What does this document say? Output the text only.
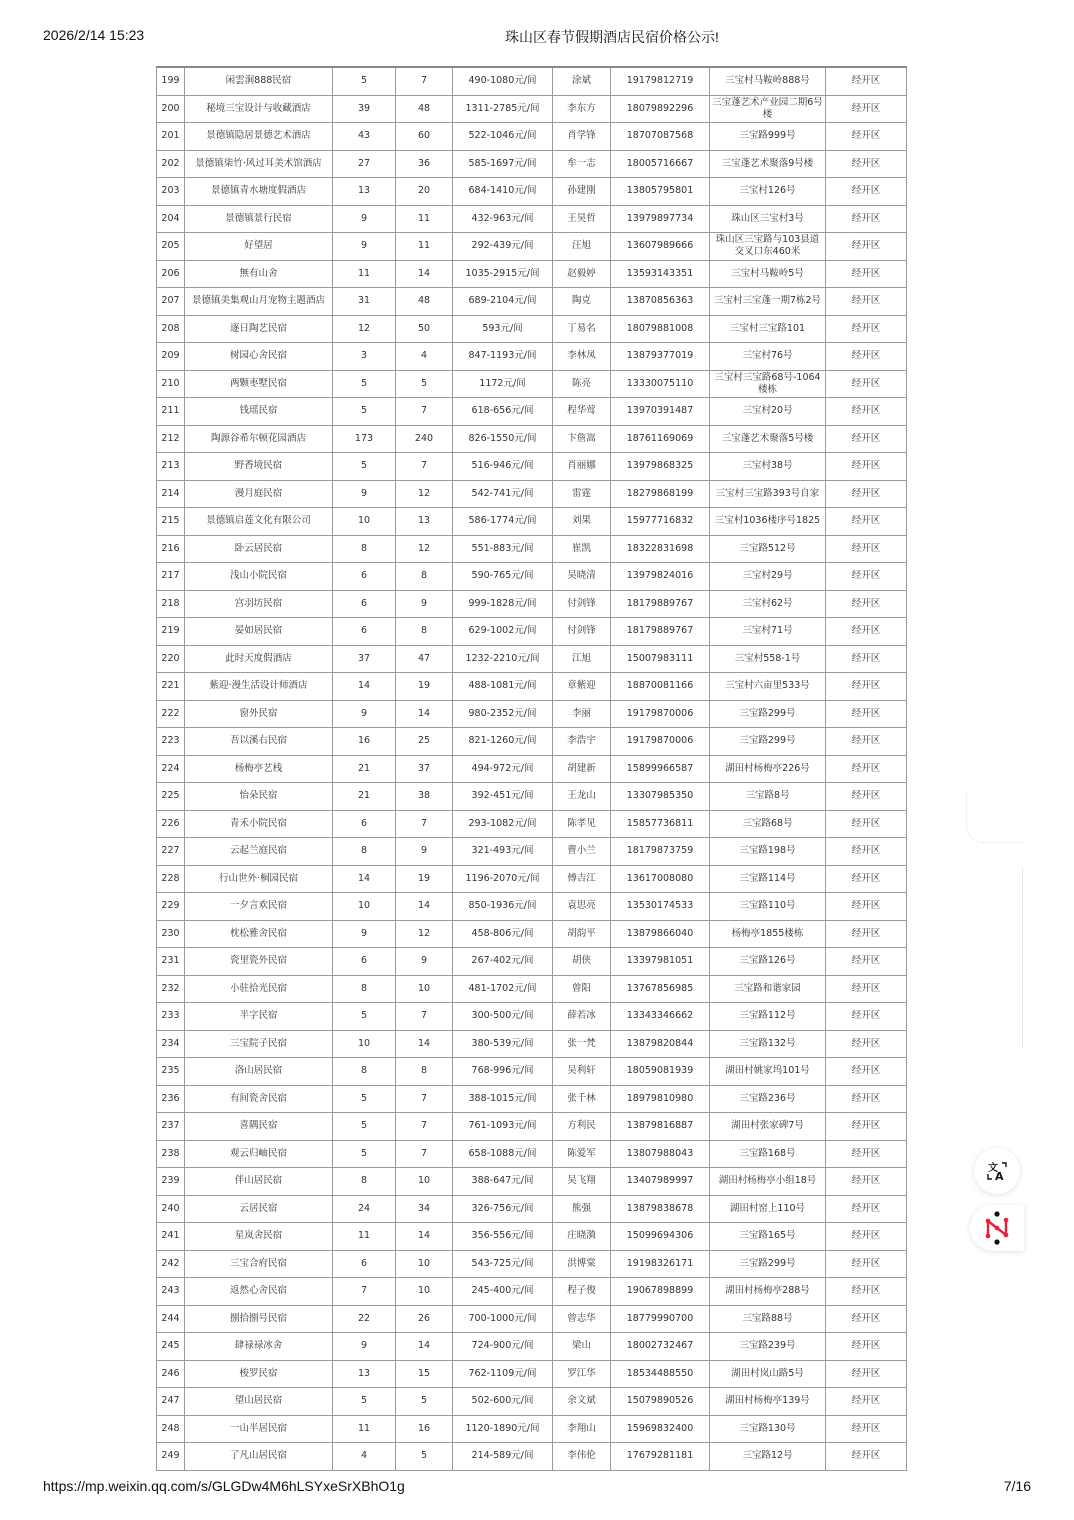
2026/2/14 15:23	珠山区春节假期酒店民宿价格公示!
199	闲雲涧888民宿	5	7	490-1080元/间	涂斌	19179812719	三宝村马鞍岭888号	经开区
200	秘境三宝设计与收藏酒店	39	48	1311-2785元/间	李东方	18079892296	三宝蓬艺术产业园二期6号楼	经开区
201	景德镇隐居景德艺术酒店	43	60	522-1046元/间	肖学锋	18707087568	三宝路999号	经开区
202	景德镇柒竹·风过耳美术馆酒店	27	36	585-1697元/间	牟一志	18005716667	三宝蓬艺术聚落9号楼	经开区
203	景德镇青水塘度假酒店	13	20	684-1410元/间	孙建刚	13805795801	三宝村126号	经开区
204	景德镇景行民宿	9	11	432-963元/间	王昊哲	13979897734	珠山区三宝村3号	经开区
205	好望居	9	11	292-439元/间	汪旭	13607989666	珠山区三宝路与103县道交叉口东460米	经开区
206	無有山舍	11	14	1035-2915元/间	赵毅婷	13593143351	三宝村马鞍岭5号	经开区
207	景德镇美集观山月宠物主题酒店	31	48	689-2104元/间	陶克	13870856363	三宝村三宝蓬一期7栋2号	经开区
208	逐日陶艺民宿	12	50	593元/间	丁易名	18079881008	三宝村三宝路101	经开区
209	树园心舍民宿	3	4	847-1193元/间	李林凤	13879377019	三宝村76号	经开区
210	两颗枣墅民宿	5	5	1172元/间	陈亮	13330075110	三宝村三宝路68号-1064楼栋	经开区
211	钱瑶民宿	5	7	618-656元/间	程华莺	13970391487	三宝村20号	经开区
212	陶源谷希尔顿花园酒店	173	240	826-1550元/间	卞詹嵩	18761169069	三宝蓬艺术聚落5号楼	经开区
213	野香境民宿	5	7	516-946元/间	肖丽娜	13979868325	三宝村38号	经开区
214	漫月庭民宿	9	12	542-741元/间	雷霆	18279868199	三宝村三宝路393号自家	经开区
215	景德镇启莲文化有限公司	10	13	586-1774元/间	刘果	15977716832	三宝村1036楼序号1825	经开区
216	卧云居民宿	8	12	551-883元/间	崔凯	18322831698	三宝路512号	经开区
217	浅山小院民宿	6	8	590-765元/间	吴晓清	13979824016	三宝村29号	经开区
218	宫羽坊民宿	6	9	999-1828元/间	付剑锋	18179889767	三宝村62号	经开区
219	晏如居民宿	6	8	629-1002元/间	付剑锋	18179889767	三宝村71号	经开区
220	此时天度假酒店	37	47	1232-2210元/间	江旭	15007983111	三宝村558-1号	经开区
221	紫迎·漫生活设计师酒店	14	19	488-1081元/间	章紫迎	18870081166	三宝村六亩里533号	经开区
222	窗外民宿	9	14	980-2352元/间	李丽	19179870006	三宝路299号	经开区
223	吾以溪右民宿	16	25	821-1260元/间	李浩宇	19179870006	三宝路299号	经开区
224	杨梅亭艺栈	21	37	494-972元/间	胡建新	15899966587	湖田村杨梅亭226号	经开区
225	怡朵民宿	21	38	392-451元/间	王龙山	13307985350	三宝路8号	经开区
226	青禾小院民宿	6	7	293-1082元/间	陈孝见	15857736811	三宝路68号	经开区
227	云起兰庭民宿	8	9	321-493元/间	曹小兰	18179873759	三宝路198号	经开区
228	行山世外·桐园民宿	14	19	1196-2070元/间	傅吉江	13617008080	三宝路114号	经开区
229	一夕言欢民宿	10	14	850-1936元/间	袁思亮	13530174533	三宝路110号	经开区
230	枕松雅舍民宿	9	12	458-806元/间	胡韵平	13879866040	杨梅亭1855楼栋	经开区
231	瓷里瓷外民宿	6	9	267-402元/间	胡侠	13397981051	三宝路126号	经开区
232	小驻拾光民宿	8	10	481-1702元/间	曾阳	13767856985	三宝路和谐家园	经开区
233	半字民宿	5	7	300-500元/间	薛若冰	13343346662	三宝路112号	经开区
234	三宝院子民宿	10	14	380-539元/间	张一梵	13879820844	三宝路132号	经开区
235	洛山居民宿	8	8	768-996元/间	吴利轩	18059081939	湖田村姚家坞101号	经开区
236	有间瓷舍民宿	5	7	388-1015元/间	张千林	18979810980	三宝路236号	经开区
237	喜隅民宿	5	7	761-1093元/间	方利民	13879816887	湖田村张家碑7号	经开区
238	观云归岫民宿	5	7	658-1088元/间	陈爱军	13807988043	三宝路168号	经开区
239	伴山居民宿	8	10	388-647元/间	吴飞翔	13407989997	湖田村杨梅亭小组18号	经开区
240	云居民宿	24	34	326-756元/间	熊强	13879838678	湖田村窑上110号	经开区
241	星岚舍民宿	11	14	356-556元/间	庄晓漪	15099694306	三宝路165号	经开区
242	三宝合府民宿	6	10	543-725元/间	洪博棠	19198326171	三宝路299号	经开区
243	返然心舍民宿	7	10	245-400元/间	程子俊	19067898899	湖田村杨梅亭288号	经开区
244	捌拾捌号民宿	22	26	700-1000元/间	曾志华	18779990700	三宝路88号	经开区
245	肆禄禄冰舍	9	14	724-900元/间	梁山	18002732467	三宝路239号	经开区
246	梭罗民宿	13	15	762-1109元/间	罗江华	18534488550	湖田村岚山路5号	经开区
247	望山居民宿	5	5	502-600元/间	余文斌	15079890526	湖田村杨梅亭139号	经开区
248	一山半居民宿	11	16	1120-1890元/间	李翔山	15969832400	三宝路130号	经开区
249	了凡山居民宿	4	5	214-589元/间	李伟伦	17679281181	三宝路12号	经开区
文
A
https://mp.weixin.qq.com/s/GLGDw4M6hLSYxeSrXBhO1g	7/16
